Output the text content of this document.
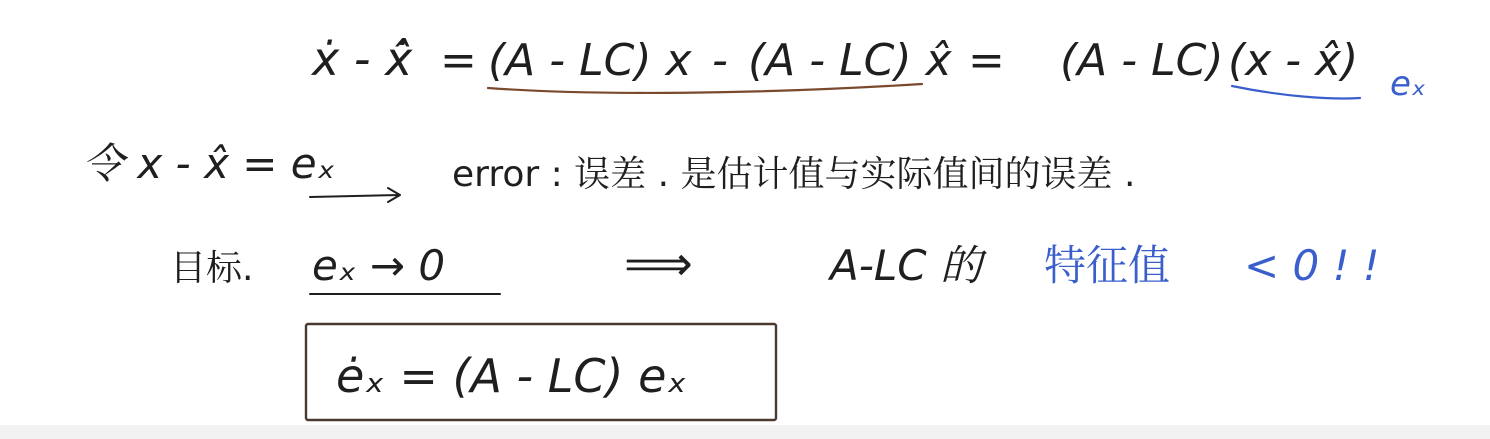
ẋ - x̂̇ = (A - LC) x - (A - LC) x̂ = (A - LC) (x - x̂) eₓ
令 x - x̂ = eₓ	error : 误差 . 是估计值与实际值间的误差 .
目标. eₓ → 0	⟹	A-LC 的 特征值 < 0 ! !
ėₓ = (A - LC) eₓ
